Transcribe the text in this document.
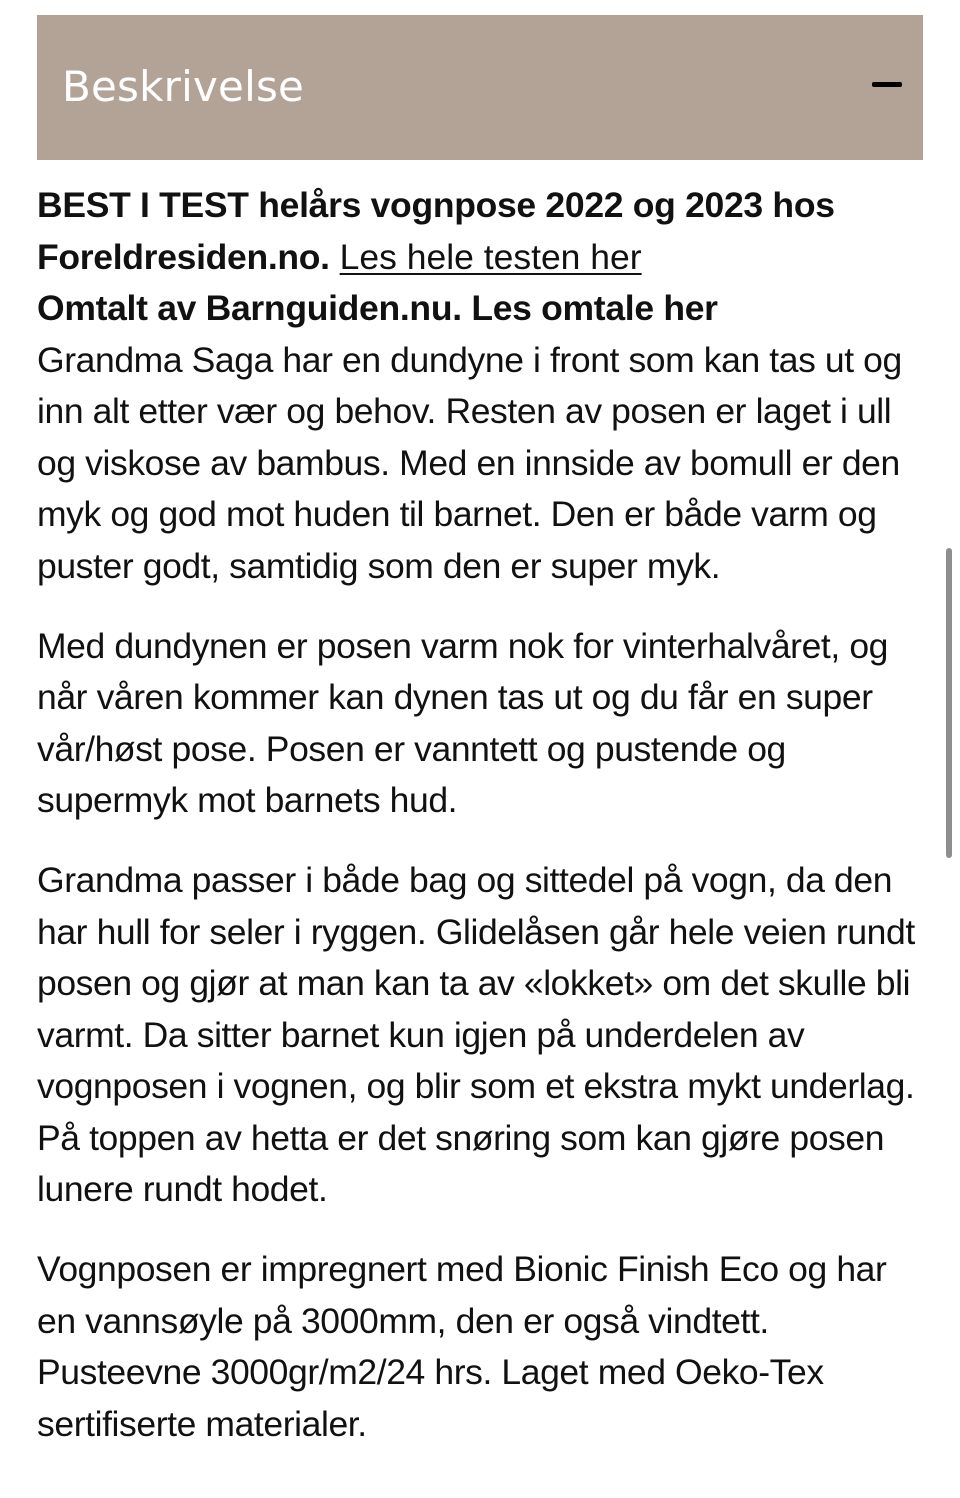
Beskrivelse
BEST I TEST helårs vognpose 2022 og 2023 hos Foreldresiden.no. Les hele testen her
Omtalt av Barnguiden.nu. Les omtale her

Grandma Saga har en dundyne i front som kan tas ut og inn alt etter vær og behov. Resten av posen er laget i ull og viskose av bambus. Med en innside av bomull er den myk og god mot huden til barnet. Den er både varm og puster godt, samtidig som den er super myk.

Med dundynen er posen varm nok for vinterhalvåret, og når våren kommer kan dynen tas ut og du får en super vår/høst pose. Posen er vanntett og pustende og supermyk mot barnets hud.

Grandma passer i både bag og sittedel på vogn, da den har hull for seler i ryggen. Glidelåsen går hele veien rundt posen og gjør at man kan ta av «lokket» om det skulle bli varmt. Da sitter barnet kun igjen på underdelen av vognposen i vognen, og blir som et ekstra mykt underlag. På toppen av hetta er det snøring som kan gjøre posen lunere rundt hodet.

Vognposen er impregnert med Bionic Finish Eco og har en vannsøyle på 3000mm, den er også vindtett. Pusteevne 3000gr/m2/24 hrs. Laget med Oeko-Tex sertifiserte materialer.
